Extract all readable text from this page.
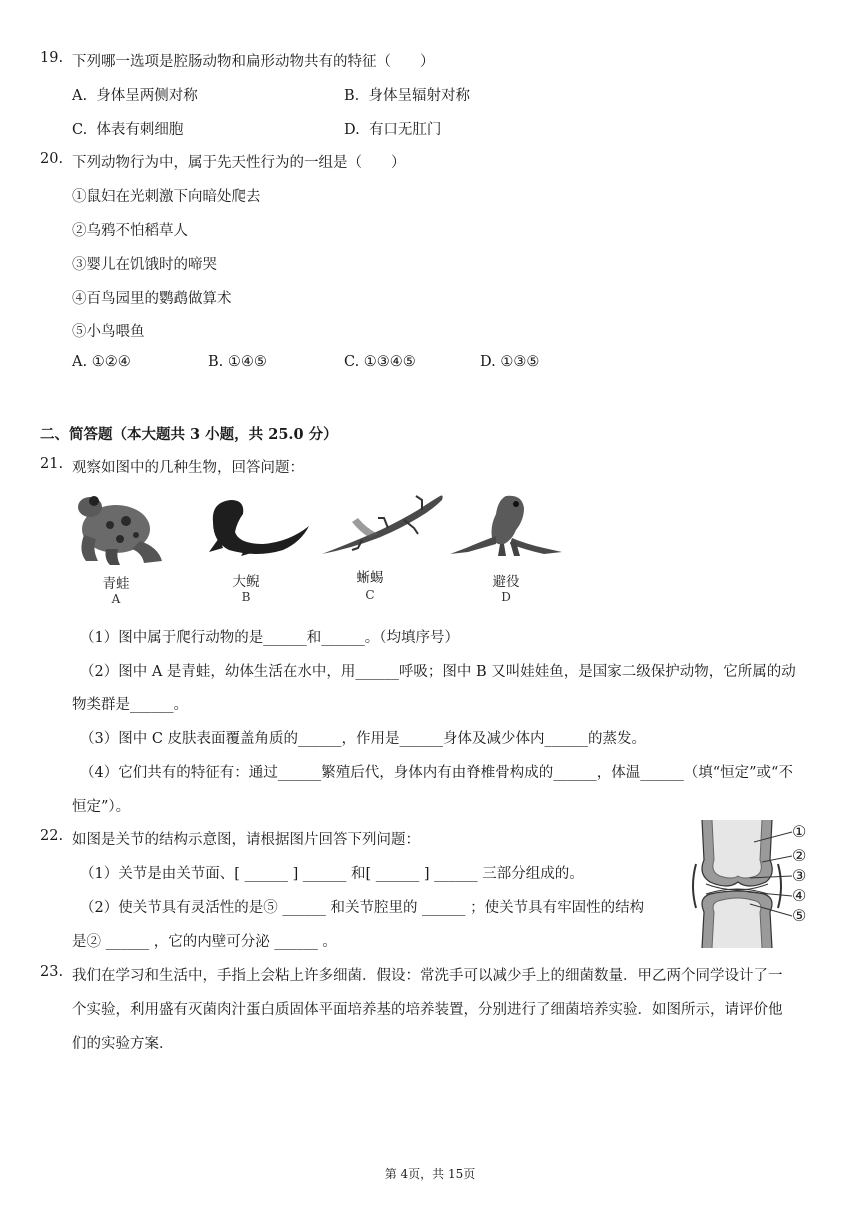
19. 下列哪一选项是腔肠动物和扁形动物共有的特征（　　）
A. 身体呈两侧对称	B. 身体呈辐射对称
C. 体表有刺细胞	D. 有口无肛门
20. 下列动物行为中，属于先天性行为的一组是（　　）
①鼠妇在光刺激下向暗处爬去
②乌鸦不怕稻草人
③婴儿在饥饿时的啼哭
④百鸟园里的鹦鹉做算术
⑤小鸟喂鱼
A. ①②④	B. ①④⑤	C. ①③④⑤	D. ①③⑤
二、简答题（本大题共 3 小题，共 25.0 分）
21. 观察如图中的几种生物，回答问题：
青蛙
A
大鲵
B
蜥蜴
C
避役
D
（1）图中属于爬行动物的是______和______。（均填序号）
（2）图中 A 是青蛙，幼体生活在水中，用______呼吸；图中 B 又叫娃娃鱼，是国家二级保护动物，它所属的动
物类群是______。
（3）图中 C 皮肤表面覆盖角质的______，作用是______身体及减少体内______的蒸发。
（4）它们共有的特征有：通过______繁殖后代，身体内有由脊椎骨构成的______，体温______（填“恒定”或“不
恒定”）。
22. 如图是关节的结构示意图，请根据图片回答下列问题：
（1）关节是由关节面、[ ______ ] ______ 和[ ______ ] ______ 三部分组成的。
（2）使关节具有灵活性的是⑤ ______ 和关节腔里的 ______ ；使关节具有牢固性的结构
是② ______ ，它的内壁可分泌 ______ 。
①
②
③
④
⑤
23. 我们在学习和生活中，手指上会粘上许多细菌．假设：常洗手可以减少手上的细菌数量．甲乙两个同学设计了一
个实验，利用盛有灭菌肉汁蛋白质固体平面培养基的培养装置，分别进行了细菌培养实验．如图所示，请评价他
们的实验方案．
第 4页，共 15页
